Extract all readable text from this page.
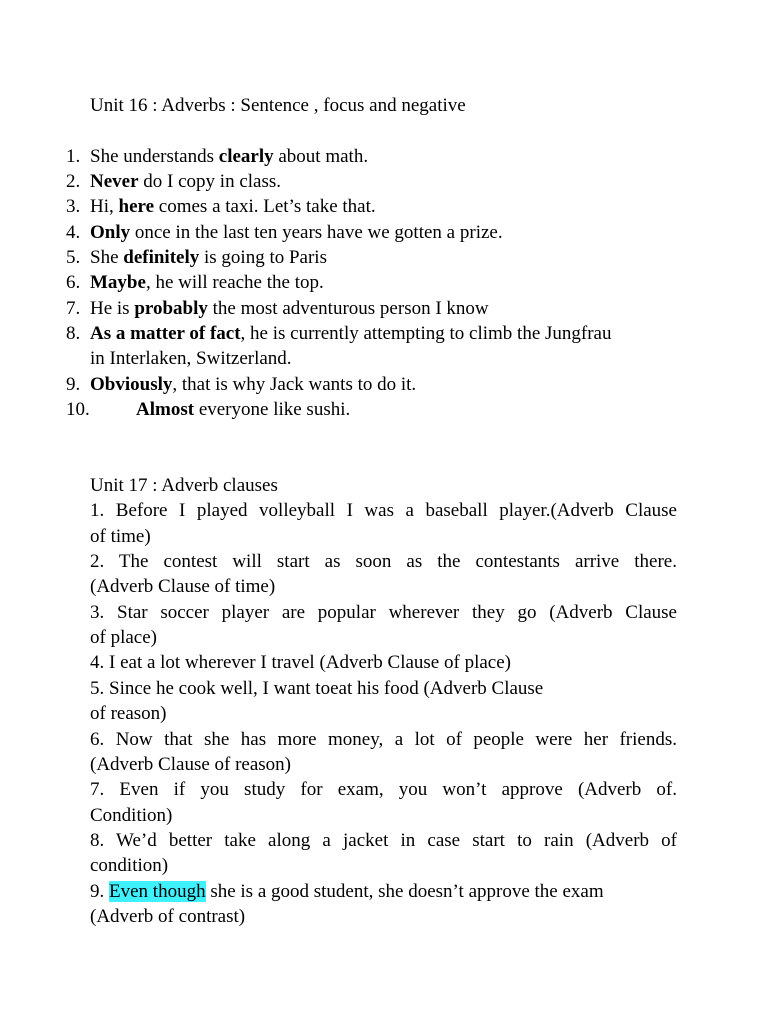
Unit 16 : Adverbs : Sentence , focus and negative
1. She understands clearly about math.
2. Never do I copy in class.
3. Hi, here comes a taxi. Let’s take that.
4. Only once in the last ten years have we gotten a prize.
5. She definitely is going to Paris
6. Maybe, he will reache the top.
7. He is probably the most adventurous person I know
8. As a matter of fact, he is currently attempting to climb the Jungfrau
in Interlaken, Switzerland.
9. Obviously, that is why Jack wants to do it.
10. Almost everyone like sushi.
Unit 17 : Adverb clauses
1. Before I played volleyball I was a baseball player.(Adverb Clause
of time)
2. The contest will start as soon as the contestants arrive there.
(Adverb Clause of time)
3. Star soccer player are popular wherever they go (Adverb Clause
of place)
4. I eat a lot wherever I travel (Adverb Clause of place)
5. Since he cook well, I want toeat his food (Adverb Clause
of reason)
6. Now that she has more money, a lot of people were her friends.
(Adverb Clause of reason)
7. Even if you study for exam, you won’t approve (Adverb of.
Condition)
8. We’d better take along a jacket in case start to rain (Adverb of
condition)
9. Even though she is a good student, she doesn’t approve the exam
(Adverb of contrast)
